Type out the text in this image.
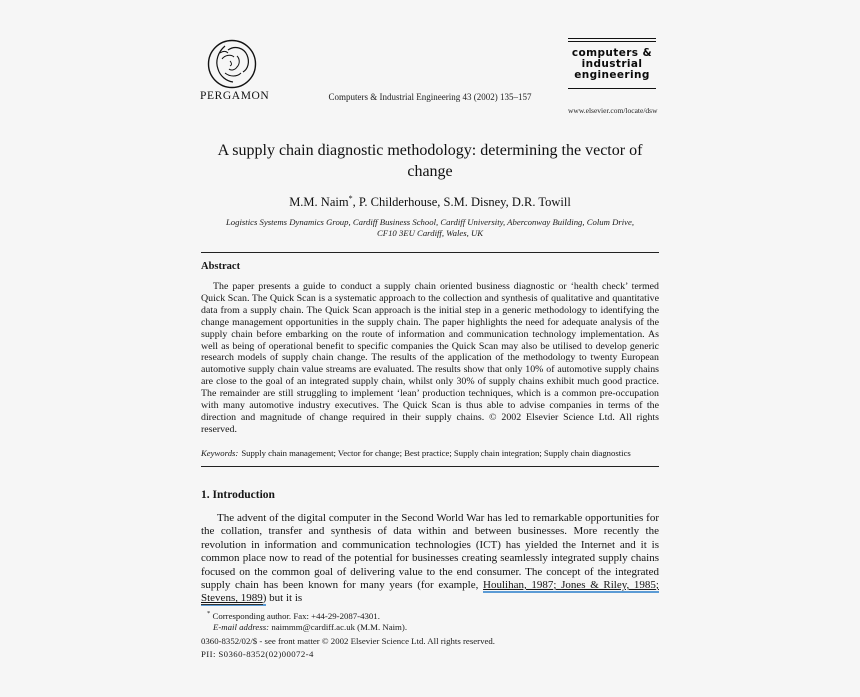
PERGAMON	Computers & Industrial Engineering 43 (2002) 135–157
computers & industrial engineering
www.elsevier.com/locate/dsw
A supply chain diagnostic methodology: determining the vector of change
M.M. Naim*, P. Childerhouse, S.M. Disney, D.R. Towill
Logistics Systems Dynamics Group, Cardiff Business School, Cardiff University, Aberconway Building, Colum Drive,
CF10 3EU Cardiff, Wales, UK
Abstract
The paper presents a guide to conduct a supply chain oriented business diagnostic or ‘health check’ termed Quick Scan. The Quick Scan is a systematic approach to the collection and synthesis of qualitative and quantitative data from a supply chain. The Quick Scan approach is the initial step in a generic methodology to identifying the change management opportunities in the supply chain. The paper highlights the need for adequate analysis of the supply chain before embarking on the route of information and communication technology implementation. As well as being of operational benefit to specific companies the Quick Scan may also be utilised to develop generic research models of supply chain change. The results of the application of the methodology to twenty European automotive supply chain value streams are evaluated. The results show that only 10% of automotive supply chains are close to the goal of an integrated supply chain, whilst only 30% of supply chains exhibit much good practice. The remainder are still struggling to implement ‘lean’ production techniques, which is a common pre-occupation with many automotive industry executives. The Quick Scan is thus able to advise companies in terms of the direction and magnitude of change required in their supply chains. © 2002 Elsevier Science Ltd. All rights reserved.
Keywords: Supply chain management; Vector for change; Best practice; Supply chain integration; Supply chain diagnostics
1. Introduction
The advent of the digital computer in the Second World War has led to remarkable opportunities for the collation, transfer and synthesis of data within and between businesses. More recently the revolution in information and communication technologies (ICT) has yielded the Internet and it is common place now to read of the potential for businesses creating seamlessly integrated supply chains focused on the common goal of delivering value to the end consumer. The concept of the integrated supply chain has been known for many years (for example, Houlihan, 1987; Jones & Riley, 1985; Stevens, 1989) but it is
* Corresponding author. Fax: +44-29-2087-4301.
E-mail address: naimmm@cardiff.ac.uk (M.M. Naim).
0360-8352/02/$ - see front matter © 2002 Elsevier Science Ltd. All rights reserved.
PII: S0360-8352(02)00072-4
